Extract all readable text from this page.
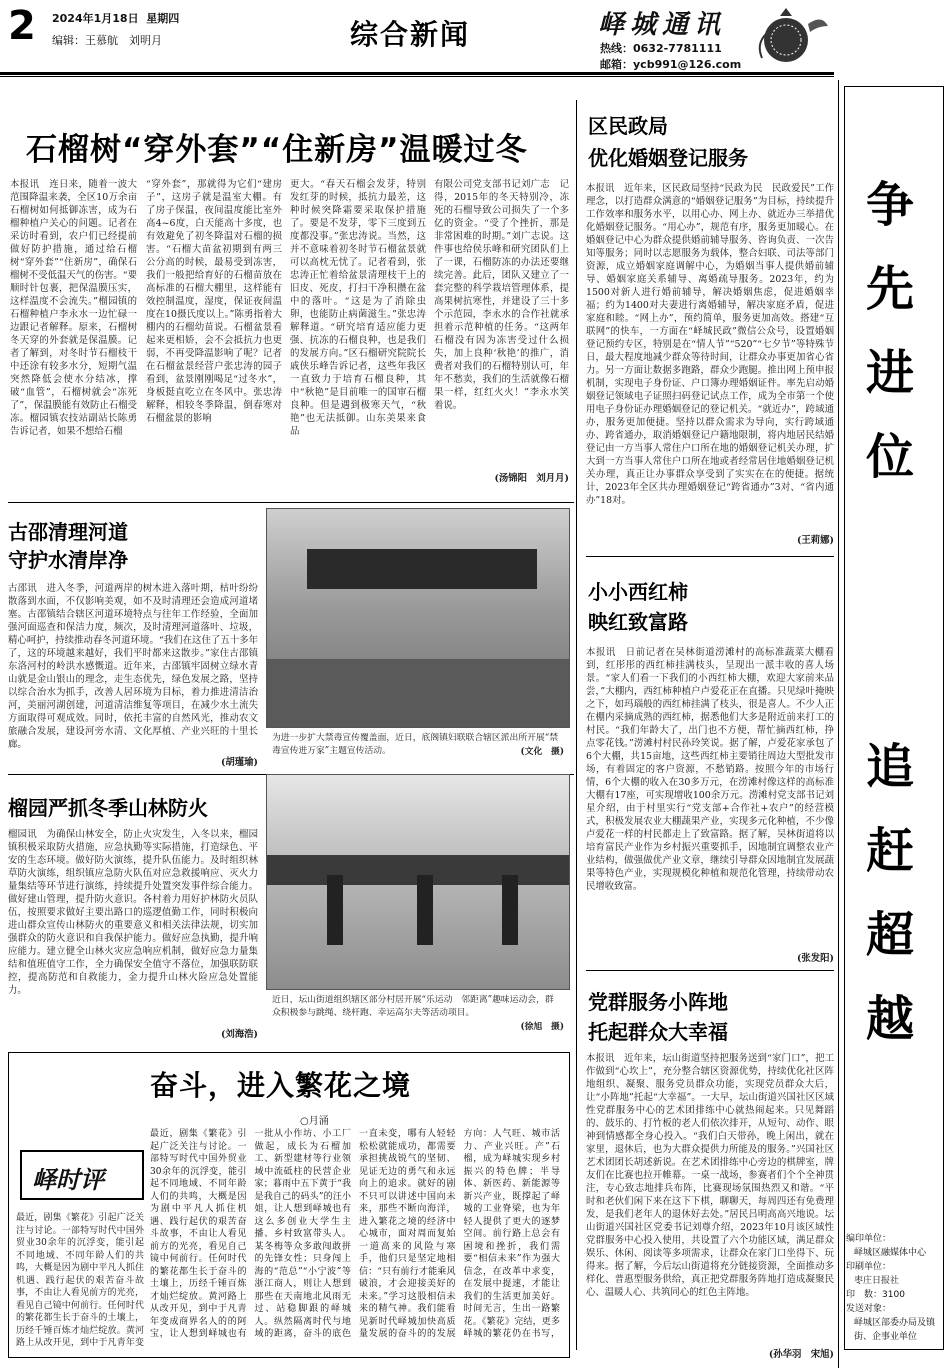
2 2024年1月18日 星期四
编辑：王慕航　刘明月	综合新闻	峄城通讯
热线：0632-7781111
邮箱：ycb991@126.com
石榴树“穿外套”“住新房”温暖过冬
本报讯　连日来，随着一波大范围降温来袭，全区10万余亩石榴树如何抵御冻害，成为石榴种植户关心的问题。记者在采访时看到，农户们已经提前做好防护措施，通过给石榴树“穿外套”“住新房”，确保石榴树不受低温天气的伤害。“要顺时针包裹，把保温膜压实，这样温度不会流失。”榴园镇的石榴种植户李永水一边忙碌一边跟记者解释。原来，石榴树冬天穿的外套就是保温膜。记者了解到，对冬时节石榴枝干中还涂有较多水分，短期气温突然降低会使水分结冰，撑破“血管”，石榴树就会“冻死了”，保温膜能有效防止石榴受冻。榴园镇农技站副站长陈勇告诉记者，如果不想给石榴
“穿外套”，那就得为它们“建房子”，这房子就是温室大棚。有了房子保温，夜间温度能比室外高4~6度，白天能高十多度，也有效避免了初冬降温对石榴的损害。“石榴大苗盆初期到有两三公分高的时候，最易受到冻害，我们一般把给育好的石榴苗放在高标准的石榴大棚里，这样能有效控制温度，湿度，保证夜间温度在10摄氏度以上。”陈勇指着大棚内的石榴幼苗说。石榴盆景看起来更相娇，会不会抵抗力也更弱，不再受降温影响了呢？记者在石榴盆景经营户张忠涛的园子看到，盆景刚刚喝足“过冬水”，身板挺直吃立在冬风中。张忠涛解释，相较冬季降温，倒春寒对石榴盆景的影响
更大。“春天石榴会发芽，特别发红芽的时候，抵抗力最差，这种时候突降霜要采取保护措施了。要是不发芽，零下三度到五度都没事。”张忠涛说。当然，这并不意味着初冬时节石榴盆景就可以高枕无忧了。记者看到，张忠涛正忙着给盆景清理枝干上的旧皮、死皮，打扫干净积攒在盆中的落叶。“这是为了消除虫卵，也能防止病菌滋生。”张忠涛解释道。“研究培育适应能力更强、抗冻的石榴良种，也是我们的发展方向。”区石榴研究院院长戚侠乐峰告诉记者，这些年我区一直致力于培育石榴良种，其中“秋艳”是目前唯一的国审石榴良种。但是遇到极寒天气，“秋艳”也无法抵御。山东美果来食品
有限公司党支部书记刘广志　记得，2015年的冬天特别冷，冻死的石榴导致公司损失了一个多亿的资金。“受了个挫折，那是非常困难的时期。”刘广志说。这件事也给侯乐峰和研究团队们上了一课，石榴防冻的办法还要继续完善。此后，团队又建立了一套完整的科学栽培管理体系，提高果树抗寒性，并建设了三十多个示范园，李永水的合作社就承担着示范种植的任务。“这两年石榴没有因为冻害受过什么损失，加上良种‘秋艳’的推广，消费者对我们的石榴特别认可，年年不愁卖，我们的生活就像石榴果一样，红红火火！”李永水笑着说。
(汤锦阳　刘月月)
古邵清理河道
守护水清岸净
古邵讯　进入冬季，河道两岸的树木进入落叶期，枯叶纷纷散落到水面，不仅影响美观，如不及时清理还会造成河道堵塞。古邵镇结合辖区河道环境特点与往年工作经验，全面加强河面巡查和保洁力度，频次，及时清理河道落叶、垃圾，精心呵护，持续推动春冬河道环境。“我们在这住了五十多年了，这的环境越来越好，我们平时都来这散步。”家住古邵镇东洛河村的岭洪水感慨道。近年来，古邵镇牢固树立绿水青山就是金山银山的理念，走生态优先，绿色发展之路，坚持以综合治水为抓手，改善人居环境为目标，着力推进清洁治河，美丽河湖创建，河道清洁维复等项目，在减少水土流失方面取得可观成效。同时，依托丰富的自然风光，推动农文旅融合发展，建设河旁水清、文化厚植、产业兴旺的十里长廊。
(胡瑾瑜)
为进一步扩大禁毒宣传覆盖面，近日，底阁镇妇联联合辖区派出所开展“禁毒宣传进万家”主题宣传活动。	(文化　摄)
榴园严抓冬季山林防火
榴园讯　为确保山林安全，防止火灾发生，入冬以来，榴园镇积极采取防火措施，应急执勤等实际措施，打造绿色、平安的生态环境。做好防火演练，提升队伍能力。及时组织林草防火演练，组织镇应急防火队伍对应急救援响应、灭火力量集结等环节进行演练，持续提升处置突发事件综合能力。做好建山管理，提升防火意识。各村着力用好护林防火员队伍，按照要求做好主要出路口的巡逻值勤工作，同时积极向进山群众宣传山林防火的重要意义和相关法律法规，切实加强群众的防火意识和自我保护能力。做好应急执勤，提升响应能力。建立健全山林火灾应急响应机制，做好应急力量集结和值班值守工作，全力确保安全值守不落位，加强联防联控，提高防范和自救能力，金力提升山林火险应急处置能力。
(刘海浩)
近日，坛山街道组织辖区部分村居开展“乐运动　邻距离”趣味运动会，群众积极参与跳绳、绕杆跑、幸运高尔夫等活动项目。
(徐旭　摄)
奋斗，进入繁花之境
○月涌
峄时评
最近，剧集《繁花》引起广泛关注与讨论。一部特写时代中国外贸业30余年的沉浮变，能引起不同地域、不同年龄人们的共鸣，大概是因为剧中平凡人抓住机遇、践行起伏的艰苦奋斗故事，不由让人看见前方的光亮，看见自己镜中何前行。任何时代的繁花都生长于奋斗的土壤上，历经千锤百炼才灿烂绽放。黄河路上从改开见，到中于凡青年变
最近，剧集《繁花》引起广泛关注与讨论。一部特写时代中国外贸业30余年的沉浮变，能引起不同地域、不同年龄人们的共鸣，大概是因为剧中平凡人抓住机遇、践行起伏的艰苦奋斗故事，不由让人看见前方的光亮，看见自己镜中何前行。任何时代的繁花都生长于奋斗的土壤上，历经千锤百炼才灿烂绽放。黄河路上从改开见，到中于凡青年变成商界名人的的阿宝，让人想到峄城也有一批从小作坊、小工厂做起，成长为石榴加工、新型建材等行业领域中流砥柱的民营企业家；暮雨中五下黄于“我是我自己的码头”的汪小姐，让人想到峄城也有这么多创业大学生主播、乡村致富带头人。某冬梅等众多敢闯敢拼的先锋女性；只身闯上海的“范总”“小宁波”等浙江商人，则让人想到那些在天南地北风雨无过、站稳脚跟的峄城人。纵然隔离时代与地域的距离，奋斗的底色一直未变，哪有人轻轻松松就能成功，都需要承担挑战锐气的坚韧、见证无边的勇气和永远向上的追求。就好的剧不只可以讲述中国向未来，那些不断向海洋，进入繁花之境的经济中心城市，面对周而复始一道高来的风险与寒手，他们只是坚定地相信：“只有前行才能乘风破浪，才会迎接美好的未来。”学习这股相信未来的精气神。我们能看见新时代峄城加快高质量发展的奋斗的的发展方向：人气旺、城市活力、产业兴旺。产”石榴，成为峄城实现乡村振兴的特色牌；半导体、新医药、新能源等新兴产业，既撑起了峄城的工业脊梁，也为年轻人提供了更大的逐梦空间。前行路上总会有困境和挫折，我们需要“相信未来”作为强大信念，在改革中求变，在发展中提速，才能让我们的生活更加美好。时间无言，生出一路繁花。《繁花》完结，更多峄城的繁花仍在书写，
区民政局
优化婚姻登记服务
本报讯　近年来，区民政局坚持“民政为民　民政爱民”工作理念，以打造群众满意的“婚姻登记服务”为目标，持续提升工作效率和服务水平，以用心办、网上办、就近办三举措优化婚姻登记服务。“用心办”，规范有序，服务更加暖心。在婚姻登记中心为群众提供婚前辅导服务、咨询负责、一次告知等服务；同时以志愿服务为载体，整合妇联、司法等部门资源，成立婚姻家庭调解中心，为婚姻当事人提供婚前辅导、婚姻家庭关系辅导、离婚疏导服务。2023年，约为1500对新人进行婚前辅导，解决婚姻焦虑，促进婚姻幸福；约为1400对夫妻进行离婚辅导，解决家庭矛盾，促进家庭和睦。“网上办”，预约简单，服务更加高效。搭建“互联网”的快车，一方面在“峄城民政”微信公众号，设置婚姻登记预约专区，特别是在“情人节”“520”“七夕节”等特殊节日，最大程度地减少群众等待时间，让群众办事更加省心省力。另一方面让数据多跑路，群众少跑腿。推出网上预申报机制，实现电子身份证、户口簿办理婚姻证件。率先启动婚姻登记领域电子证照扫码登记试点工作，成为全市第一个使用电子身份证办理婚姻登记的登记机关。“就近办”，跨域通办，服务更加便捷。坚持以群众需求为导向，实行跨域通办、跨省通办，取消婚姻登记户籍地限制，将内地居民结婚登记由一方当事人常住户口所在地的婚姻登记机关办理，扩大到一方当事人常住户口所在地或者经常居住地婚姻登记机关办理，真正让办事群众享受到了实实在在的便捷。据统计，2023年全区共办理婚姻登记“跨省通办”3对、“省内通办”18对。
(王莉娜)
小小西红柿
映红致富路
本报讯　日前记者在吴林街道涝滩村的高标准蔬菜大棚看到，红彤彤的西红柿挂满枝头，呈现出一派丰收的喜人场景。“家人们看一下我们的小西红柿大棚，欢迎大家前来品尝，”大棚内，西红柿种植户卢爱花正在直播。只见绿叶掩映之下，如玛瑙般的西红柿挂满了枝头，很是喜人。不少人正在棚内采摘成熟的西红柿，据悉他们大多是附近前来打工的村民。“我们年龄大了，出门也不方便，帮忙摘西红柿，挣点零花钱。”涝滩村村民孙玲笑说。据了解，卢爱花家承包了6个大棚，共15亩地，这些西红柿主要销往周边大型批发市场，有着固定的客户资源，不愁销路。按照今年的市场行情，6个大棚的收入在30多万元，在涝滩村像这样的高标准大棚有17座，可实现增收100余万元。涝滩村党支部书记刘星介绍，由于村里实行“党支部+合作社+农户”的经营模式，积极发展农业大棚蔬果产业，实现多元化种植，不少像卢爱花一样的村民都走上了致富路。据了解，吴林街道将以培育富民产业作为乡村振兴重要抓手，因地制宜调整农业产业结构，做强做优产业文章，继续引导群众因地制宜发展蔬果等特色产业，实现规模化种植和规范化管理，持续带动农民增收致富。
(张发阳)
党群服务小阵地
托起群众大幸福
本报讯　近年来，坛山街道坚持把服务送到“家门口”，把工作做到“心坎上”，充分整合辖区资源优势，持续优化社区阵地组织、凝聚、服务党员群众功能，实现党员群众大后，让“小阵地”托起“大幸福”。一大早，坛山街道兴国社区区域性党群服务中心的艺术团排练中心就热闹起来。只见舞蹈的、鼓乐的、打竹板的老人们依次排开，从短句、动作、眼神到情感都全身心投入。“我们白天带孙，晚上闲出，就在家里，退休后，也为大群众提供力所能及的服务。”兴国社区艺术团团长胡述新说。在艺术团排练中心旁边的棋牌室，牌友们在比赛也拉开帷幕。一桌一战场，参赛者们个个全神贯注，专心致志地排兵布阵，比赛现场氛围热烈又和谐。“平时和老伙们闲下来在这下下棋，聊聊天，每周四还有免费理发，是我们老年人的退休好去处。”居民吕明高高兴地说。坛山街道兴国社区党委书记刘尊介绍，2023年10月该区域性党群服务中心投入使用，共设置了六个功能区域，满足群众娱乐、休闲、阅读等多项需求，让群众在家门口坐得下、玩得来。据了解，今后坛山街道将充分链接资源，全面推动多样化、普惠型服务供给，真正把党群服务阵地打造成凝聚民心、温暖人心、共筑同心的红色主阵地。
(孙华羽　宋旭)
争
先
进
位
追
赶
超
越
编印单位：
峄城区融媒体中心
印刷单位：
枣庄日报社
印　数：3100
发送对象：
峄城区部委办局及镇街、企事业单位
